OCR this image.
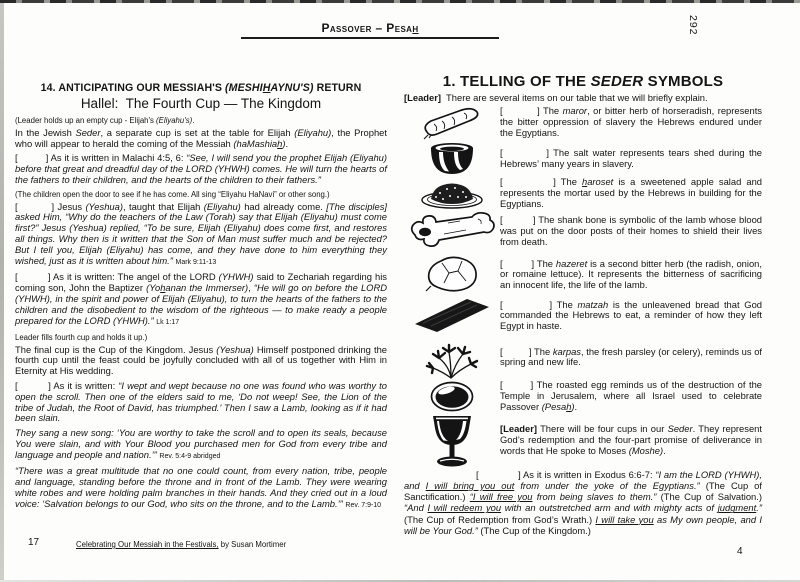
Passover – Pesah	292
14. ANTICIPATING OUR MESSIAH'S (MESHIHAYNU'S) RETURN
Hallel:  The Fourth Cup — The Kingdom

(Leader holds up an empty cup - Elijah's (Eliyahu's).

In the Jewish Seder, a separate cup is set at the table for Elijah (Eliyahu), the Prophet who will appear to herald the coming of the Messiah (haMashiah).

[          ] As it is written in Malachi 4:5, 6: “See, I will send you the prophet Elijah (Eliyahu) before that great and dreadful day of the LORD (YHWH) comes. He will turn the hearts of the fathers to their children, and the hearts of the children to their fathers.”

(The children open the door to see if he has come. All sing “Eliyahu HaNavi” or other song.)

[          ] Jesus (Yeshua), taught that Elijah (Eliyahu) had already come. [The disciples] asked Him, “Why do the teachers of the Law (Torah) say that Elijah (Eliyahu) must come first?” Jesus (Yeshua) replied, “To be sure, Elijah (Eliyahu) does come first, and restores all things. Why then is it written that the Son of Man must suffer much and be rejected? But I tell you, Elijah (Eliyahu) has come, and they have done to him everything they wished, just as it is written about him.” Mark 9:11-13

[          ] As it is written: The angel of the LORD (YHWH) said to Zechariah regarding his coming son, John the Baptizer (Yohanan the Immerser), “He will go on before the LORD (YHWH), in the spirit and power of Elijah (Eliyahu), to turn the hearts of the fathers to the children and the disobedient to the wisdom of the righteous — to make ready a people prepared for the LORD (YHWH).” Lk 1:17

Leader fills fourth cup and holds it up.)

The final cup is the Cup of the Kingdom. Jesus (Yeshua) Himself postponed drinking the fourth cup until the feast could be joyfully concluded with all of us together with Him in Eternity at His wedding.

[          ] As it is written: “I wept and wept because no one was found who was worthy to open the scroll. Then one of the elders said to me, ‘Do not weep! See, the Lion of the tribe of Judah, the Root of David, has triumphed.’ Then I saw a Lamb, looking as if it had been slain.

They sang a new song: ‘You are worthy to take the scroll and to open its seals, because You were slain, and with Your Blood you purchased men for God from every tribe and language and people and nation.’” Rev. 5:4-9 abridged

“There was a great multitude that no one could count, from every nation, tribe, people and language, standing before the throne and in front of the Lamb. They were wearing white robes and were holding palm branches in their hands. And they cried out in a loud voice: ‘Salvation belongs to our God, who sits on the throne, and to the Lamb.’” Rev. 7:9-10

1. TELLING OF THE SEDER SYMBOLS

[Leader]  There are several items on our table that we will briefly explain.

[          ] The maror, or bitter herb of horseradish, represents the bitter oppression of slavery the Hebrews endured under the Egyptians.
[          ] The salt water represents tears shed during the Hebrews’ many years in slavery.
[          ] The haroset is a sweetened apple salad and represents the mortar used by the Hebrews in building for the Egyptians.
[          ] The shank bone is symbolic of the lamb whose blood was put on the door posts of their homes to shield their lives from death.
[          ] The hazeret is a second bitter herb (the radish, onion, or romaine lettuce). It represents the bitterness of sacrificing an innocent life, the life of the lamb.
[          ] The matzah is the unleavened bread that God commanded the Hebrews to eat, a reminder of how they left Egypt in haste.
[          ] The karpas, the fresh parsley (or celery), reminds us of spring and new life.
[        ] The roasted egg reminds us of the destruction of the Temple in Jerusalem, where all Israel used to celebrate Passover (Pesah).
[Leader] There will be four cups in our Seder. They represent God’s redemption and the four-part promise of deliverance in words that He spoke to Moses (Moshe).

[              ] As it is written in Exodus 6:6-7: “I am the LORD (YHWH), and I will bring you out from under the yoke of the Egyptians.” (The Cup of Sanctification.) “I will free you from being slaves to them.” (The Cup of Salvation.) “And I will redeem you with an outstretched arm and with mighty acts of judgment.” (The Cup of Redemption from God’s Wrath.) I will take you as My own people, and I will be Your God.” (The Cup of the Kingdom.)

17	Celebrating Our Messiah in the Festivals, by Susan Mortimer
4
